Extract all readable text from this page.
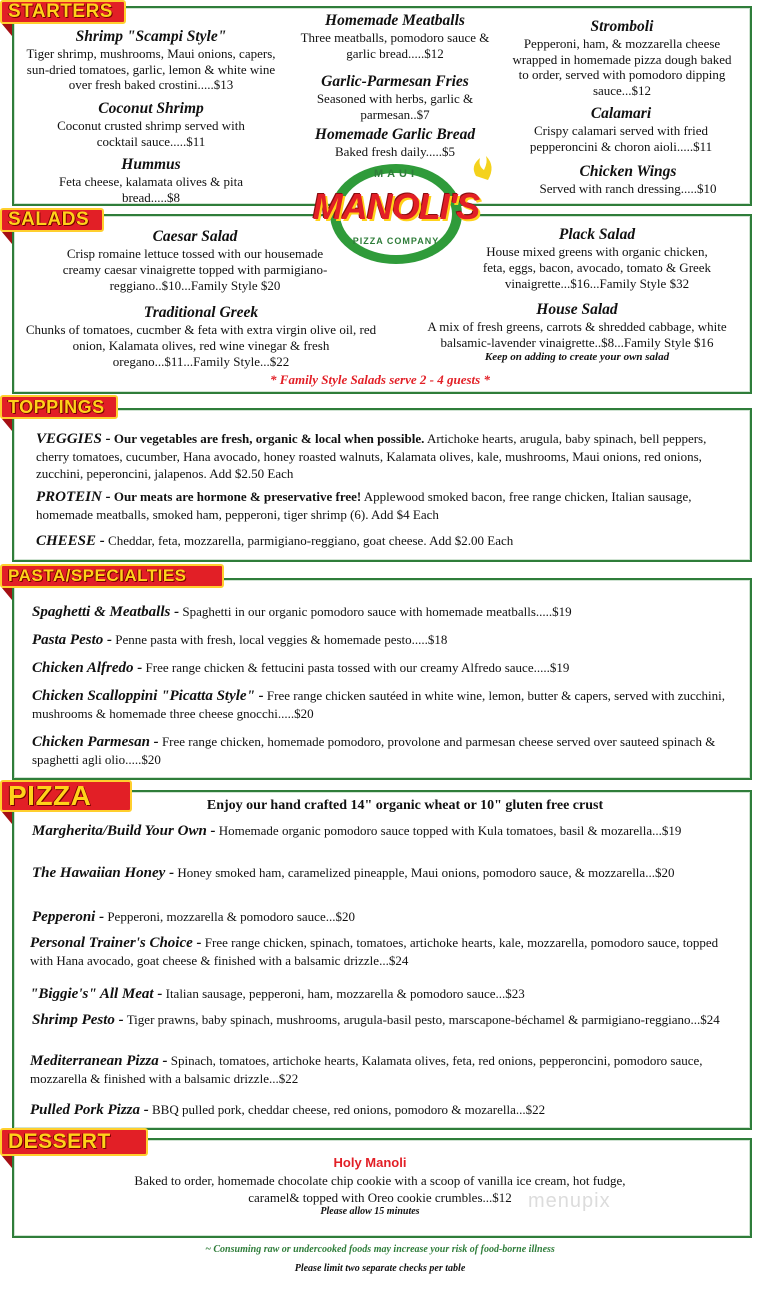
STARTERS
Shrimp "Scampi Style"
Tiger shrimp, mushrooms, Maui onions, capers, sun-dried tomatoes, garlic, lemon & white wine over fresh baked crostini.....$13
Coconut Shrimp
Coconut crusted shrimp served with cocktail sauce.....$11
Hummus
Feta cheese, kalamata olives & pita bread.....$8
Homemade Meatballs
Three meatballs, pomodoro sauce & garlic bread.....$12
Garlic-Parmesan Fries
Seasoned with herbs, garlic & parmesan..$7
Homemade Garlic Bread
Baked fresh daily.....$5
Stromboli
Pepperoni, ham, & mozzarella cheese wrapped in homemade pizza dough baked to order, served with pomodoro dipping sauce...$12
Calamari
Crispy calamari served with fried pepperoncini & choron aioli.....$11
Chicken Wings
Served with ranch dressing.....$10
MAUI
MANOLI'S
PIZZA COMPANY
SALADS
Caesar Salad
Crisp romaine lettuce tossed with our housemade creamy caesar vinaigrette topped with parmigiano-reggiano..$10...Family Style $20
Traditional Greek
Chunks of tomatoes, cucmber & feta with extra virgin olive oil, red onion, Kalamata olives, red wine vinegar & fresh oregano...$11...Family Style...$22
Plack Salad
House mixed greens with organic chicken, feta, eggs, bacon, avocado, tomato & Greek vinaigrette...$16...Family Style $32
House Salad
A mix of fresh greens, carrots & shredded cabbage, white balsamic-lavender vinaigrette..$8...Family Style $16
Keep on adding to create your own salad
* Family Style Salads serve 2 - 4 guests *
TOPPINGS
VEGGIES - Our vegetables are fresh, organic & local when possible. Artichoke hearts, arugula, baby spinach, bell peppers, cherry tomatoes, cucumber, Hana avocado, honey roasted walnuts, Kalamata olives, kale, mushrooms, Maui onions, red onions, zucchini, peperoncini, jalapenos. Add $2.50 Each
PROTEIN - Our meats are hormone & preservative free! Applewood smoked bacon, free range chicken, Italian sausage, homemade meatballs, smoked ham, pepperoni, tiger shrimp (6). Add $4 Each
CHEESE - Cheddar, feta, mozzarella, parmigiano-reggiano, goat cheese. Add $2.00 Each
PASTA/SPECIALTIES
Spaghetti & Meatballs - Spaghetti in our organic pomodoro sauce with homemade meatballs.....$19
Pasta Pesto - Penne pasta with fresh, local veggies & homemade pesto.....$18
Chicken Alfredo - Free range chicken & fettucini pasta tossed with our creamy Alfredo sauce.....$19
Chicken Scalloppini "Picatta Style" - Free range chicken sautéed in white wine, lemon, butter & capers, served with zucchini, mushrooms & homemade three cheese gnocchi.....$20
Chicken Parmesan - Free range chicken, homemade pomodoro, provolone and parmesan cheese served over sauteed spinach & spaghetti agli olio.....$20
PIZZA	Enjoy our hand crafted 14" organic wheat or 10" gluten free crust
Margherita/Build Your Own - Homemade organic pomodoro sauce topped with Kula tomatoes, basil & mozarella...$19
The Hawaiian Honey - Honey smoked ham, caramelized pineapple, Maui onions, pomodoro sauce, & mozzarella...$20
Pepperoni - Pepperoni, mozzarella & pomodoro sauce...$20
Personal Trainer's Choice - Free range chicken, spinach, tomatoes, artichoke hearts, kale, mozzarella, pomodoro sauce, topped with Hana avocado, goat cheese & finished with a balsamic drizzle...$24
"Biggie's" All Meat - Italian sausage, pepperoni, ham, mozzarella & pomodoro sauce...$23
Shrimp Pesto - Tiger prawns, baby spinach, mushrooms, arugula-basil pesto, marscapone-béchamel & parmigiano-reggiano...$24
Mediterranean Pizza - Spinach, tomatoes, artichoke hearts, Kalamata olives, feta, red onions, pepperoncini, pomodoro sauce, mozzarella & finished with a balsamic drizzle...$22
Pulled Pork Pizza - BBQ pulled pork, cheddar cheese, red onions, pomodoro & mozarella...$22
DESSERT
Holy Manoli
Baked to order, homemade chocolate chip cookie with a scoop of vanilla ice cream, hot fudge, caramel& topped with Oreo cookie crumbles...$12
Please allow 15 minutes	menupix
~ Consuming raw or undercooked foods may increase your risk of food-borne illness
Please limit two separate checks per table
